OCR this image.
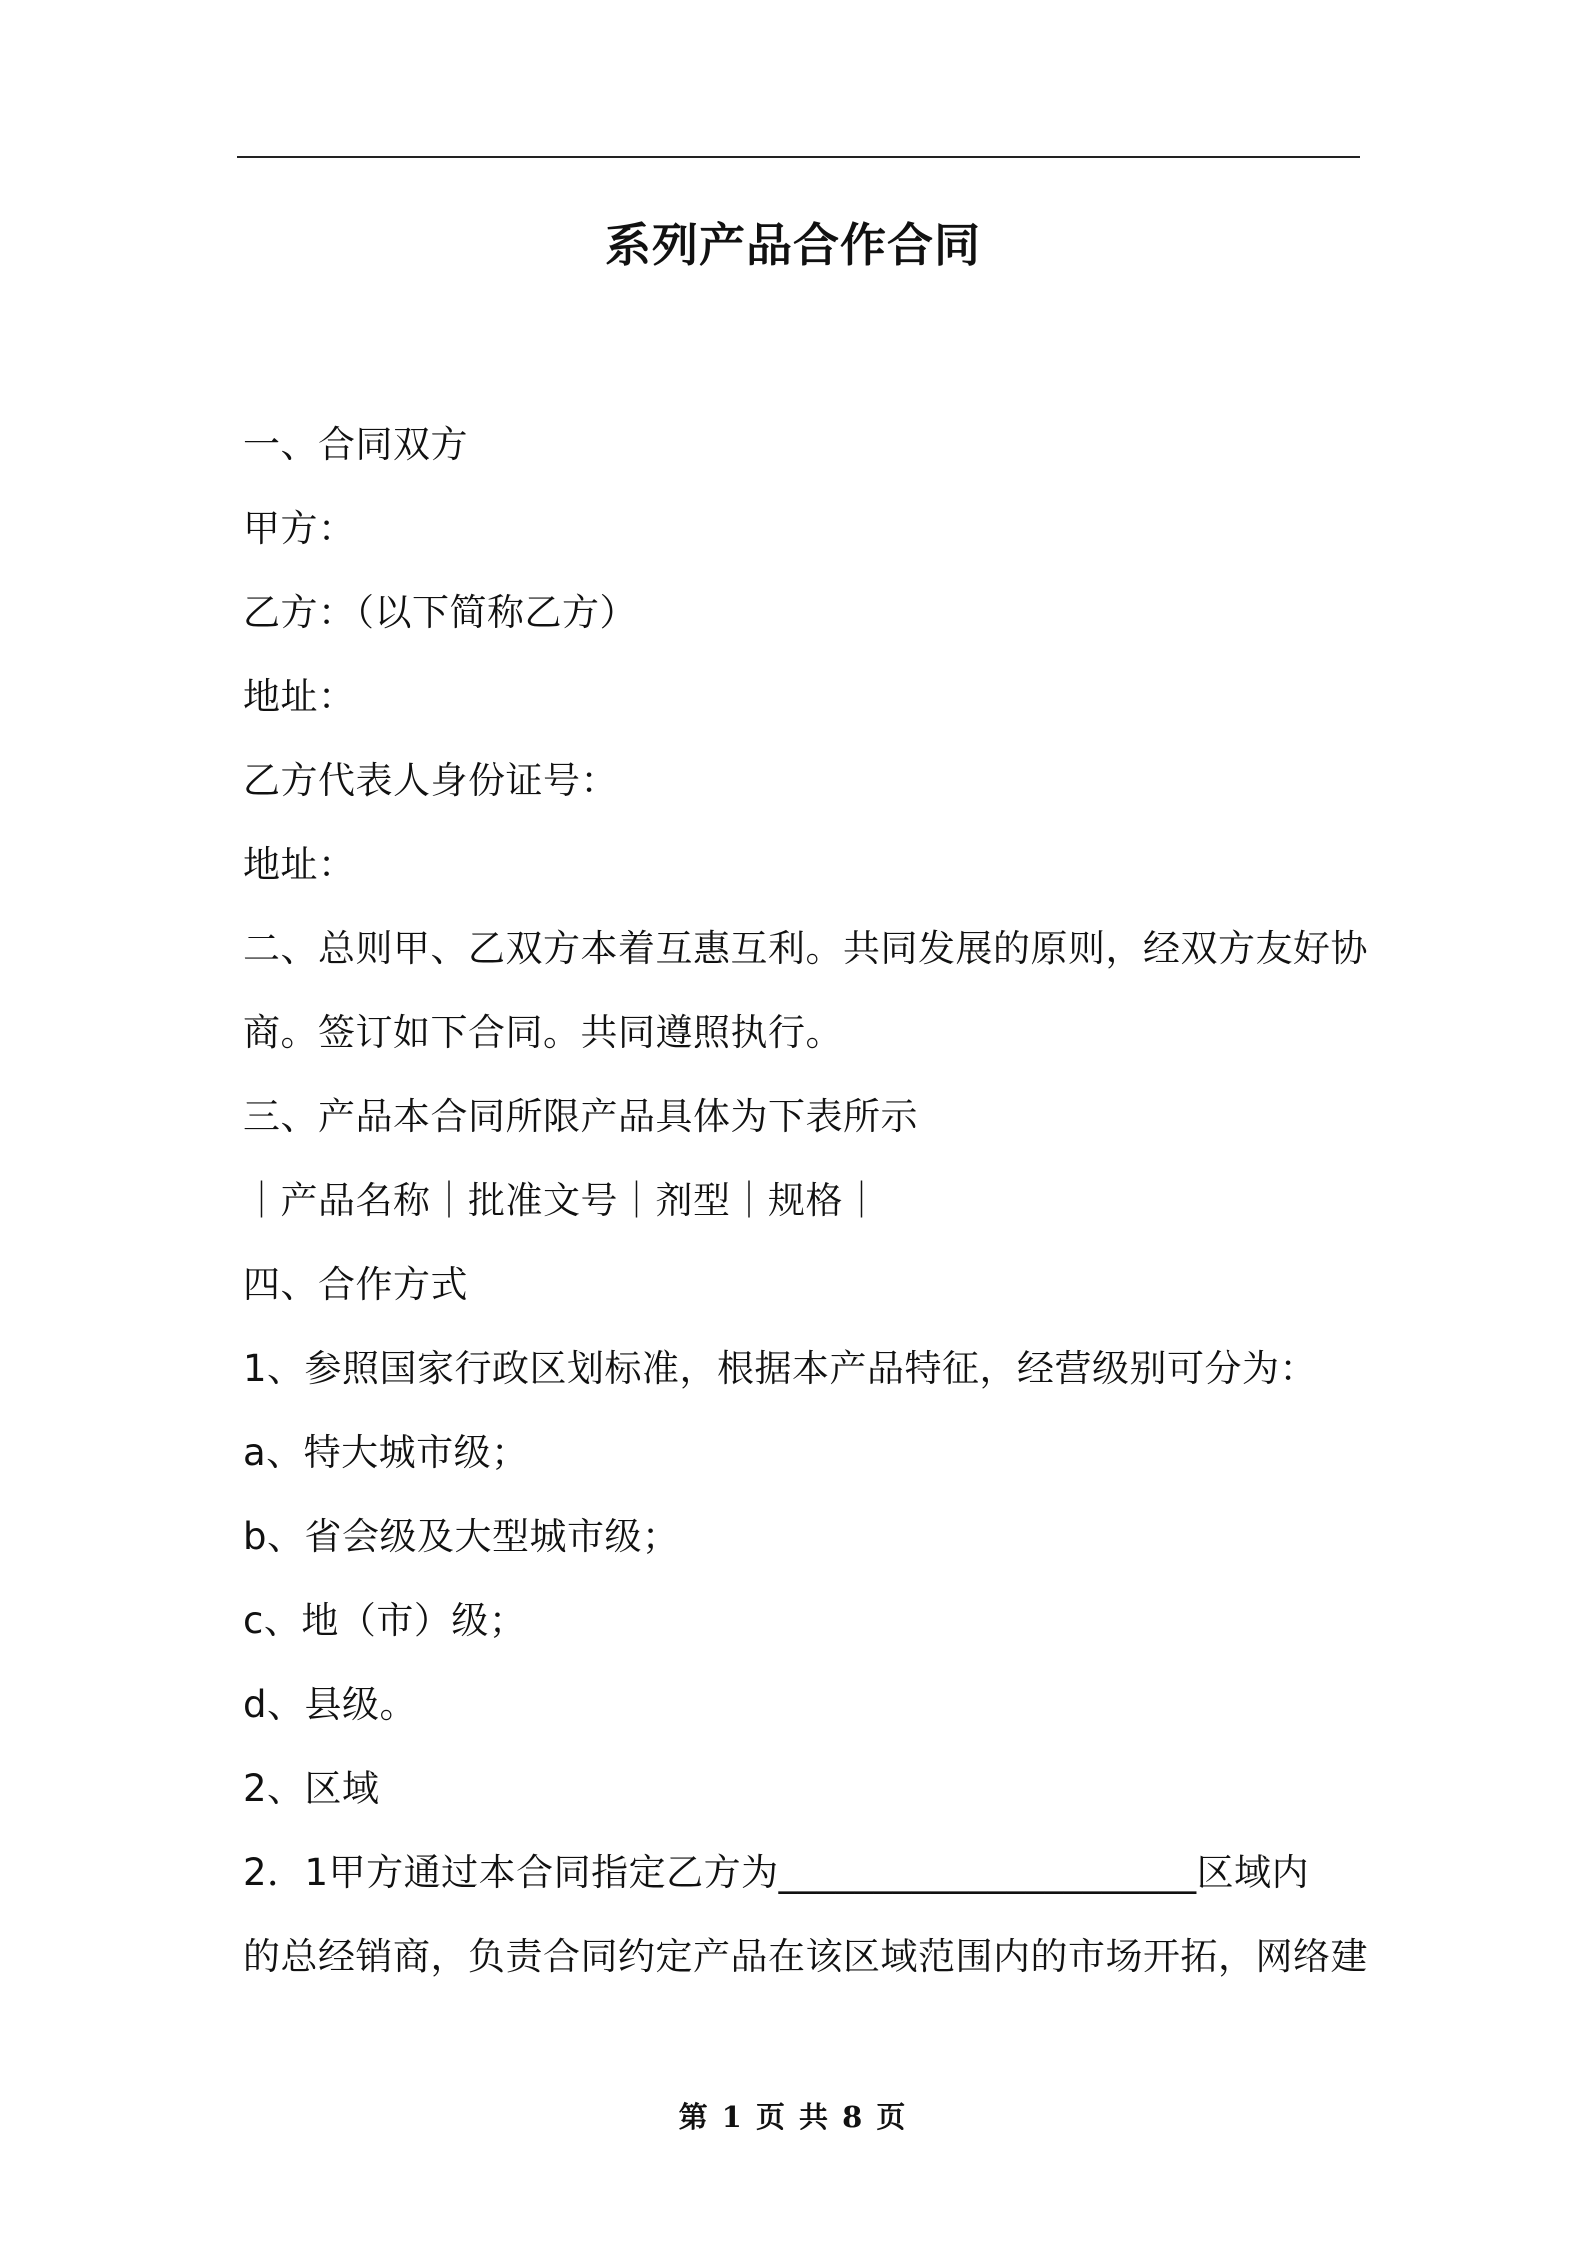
系列产品合作合同
一、合同双方
甲方：
乙方：（以下简称乙方）
地址：
乙方代表人身份证号：
地址：
二、总则甲、乙双方本着互惠互利。共同发展的原则，经双方友好协
商。签订如下合同。共同遵照执行。
三、产品本合同所限产品具体为下表所示
｜产品名称｜批准文号｜剂型｜规格｜
四、合作方式
1、参照国家行政区划标准，根据本产品特征，经营级别可分为：
a、特大城市级；
b、省会级及大型城市级；
c、地（市）级；
d、县级。
2、区域
2．1甲方通过本合同指定乙方为______________________区域内
的总经销商，负责合同约定产品在该区域范围内的市场开拓，网络建
第 1 页 共 8 页
